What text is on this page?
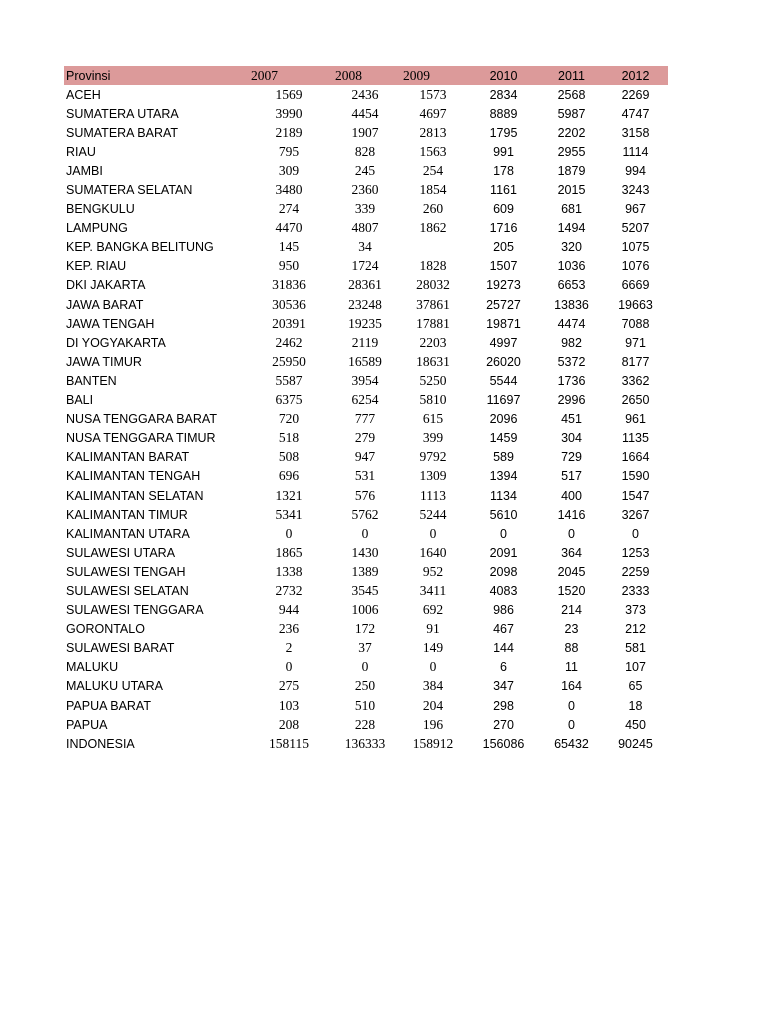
Provinsi	2007	2008	2009	2010	2011	2012
ACEH	1569	2436	1573	2834	2568	2269
SUMATERA UTARA	3990	4454	4697	8889	5987	4747
SUMATERA BARAT	2189	1907	2813	1795	2202	3158
RIAU	795	828	1563	991	2955	1114
JAMBI	309	245	254	178	1879	994
SUMATERA SELATAN	3480	2360	1854	1161	2015	3243
BENGKULU	274	339	260	609	681	967
LAMPUNG	4470	4807	1862	1716	1494	5207
KEP. BANGKA BELITUNG	145	34		205	320	1075
KEP. RIAU	950	1724	1828	1507	1036	1076
DKI JAKARTA	31836	28361	28032	19273	6653	6669
JAWA BARAT	30536	23248	37861	25727	13836	19663
JAWA TENGAH	20391	19235	17881	19871	4474	7088
DI YOGYAKARTA	2462	2119	2203	4997	982	971
JAWA TIMUR	25950	16589	18631	26020	5372	8177
BANTEN	5587	3954	5250	5544	1736	3362
BALI	6375	6254	5810	11697	2996	2650
NUSA TENGGARA BARAT	720	777	615	2096	451	961
NUSA TENGGARA TIMUR	518	279	399	1459	304	1135
KALIMANTAN BARAT	508	947	9792	589	729	1664
KALIMANTAN TENGAH	696	531	1309	1394	517	1590
KALIMANTAN SELATAN	1321	576	1113	1134	400	1547
KALIMANTAN TIMUR	5341	5762	5244	5610	1416	3267
KALIMANTAN UTARA	0	0	0	0	0	0
SULAWESI UTARA	1865	1430	1640	2091	364	1253
SULAWESI TENGAH	1338	1389	952	2098	2045	2259
SULAWESI SELATAN	2732	3545	3411	4083	1520	2333
SULAWESI TENGGARA	944	1006	692	986	214	373
GORONTALO	236	172	91	467	23	212
SULAWESI BARAT	2	37	149	144	88	581
MALUKU	0	0	0	6	11	107
MALUKU UTARA	275	250	384	347	164	65
PAPUA BARAT	103	510	204	298	0	18
PAPUA	208	228	196	270	0	450
INDONESIA	158115	136333	158912	156086	65432	90245
